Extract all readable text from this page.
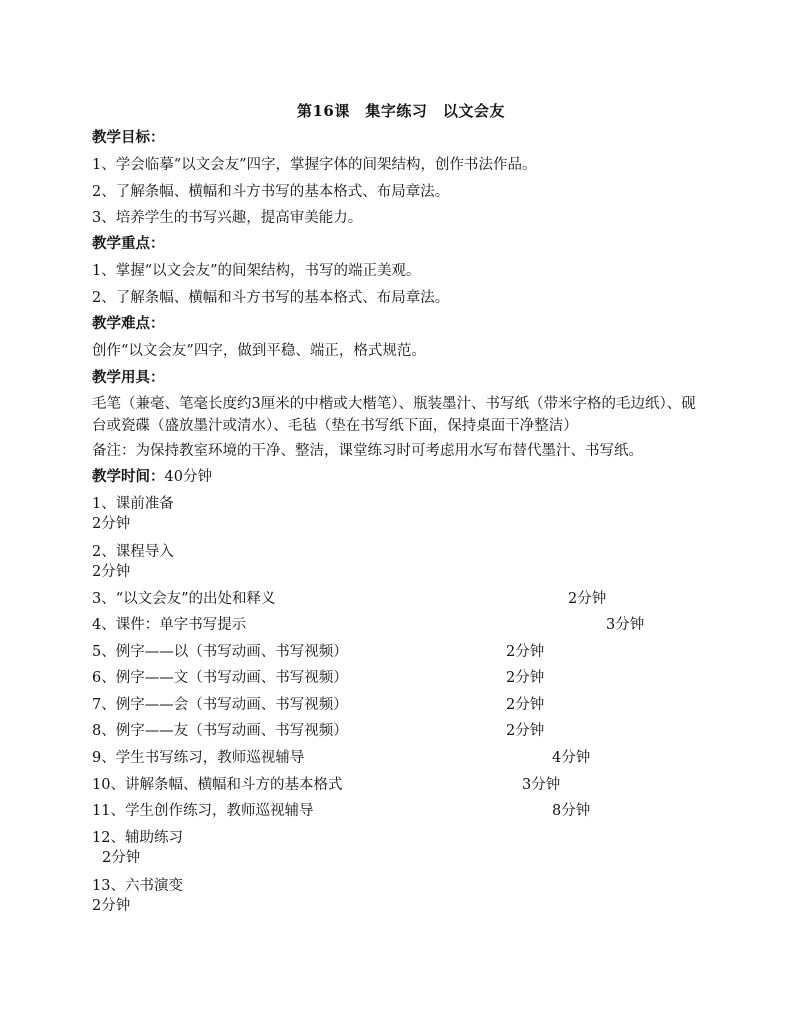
第16课　集字练习　以文会友
教学目标：
1、学会临摹“以文会友”四字，掌握字体的间架结构，创作书法作品。
2、了解条幅、横幅和斗方书写的基本格式、布局章法。
3、培养学生的书写兴趣，提高审美能力。
教学重点：
1、掌握“以文会友”的间架结构，书写的端正美观。
2、了解条幅、横幅和斗方书写的基本格式、布局章法。
教学难点：
创作“以文会友”四字，做到平稳、端正，格式规范。
教学用具：
毛笔（兼毫、笔毫长度约3厘米的中楷或大楷笔）、瓶装墨汁、书写纸（带米字格的毛边纸）、砚台或瓷碟（盛放墨汁或清水）、毛毡（垫在书写纸下面，保持桌面干净整洁）
备注：为保持教室环境的干净、整洁，课堂练习时可考虑用水写布替代墨汁、书写纸。
教学时间：40分钟
1、课前准备
2分钟
2、课程导入
2分钟
3、“以文会友”的出处和释义	2分钟
4、课件：单字书写提示	3分钟
5、例字——以（书写动画、书写视频）	2分钟
6、例字——文（书写动画、书写视频）	2分钟
7、例字——会（书写动画、书写视频）	2分钟
8、例字——友（书写动画、书写视频）	2分钟
9、学生书写练习，教师巡视辅导	4分钟
10、讲解条幅、横幅和斗方的基本格式	3分钟
11、学生创作练习，教师巡视辅导	8分钟
12、辅助练习
2分钟
13、六书演变
2分钟
